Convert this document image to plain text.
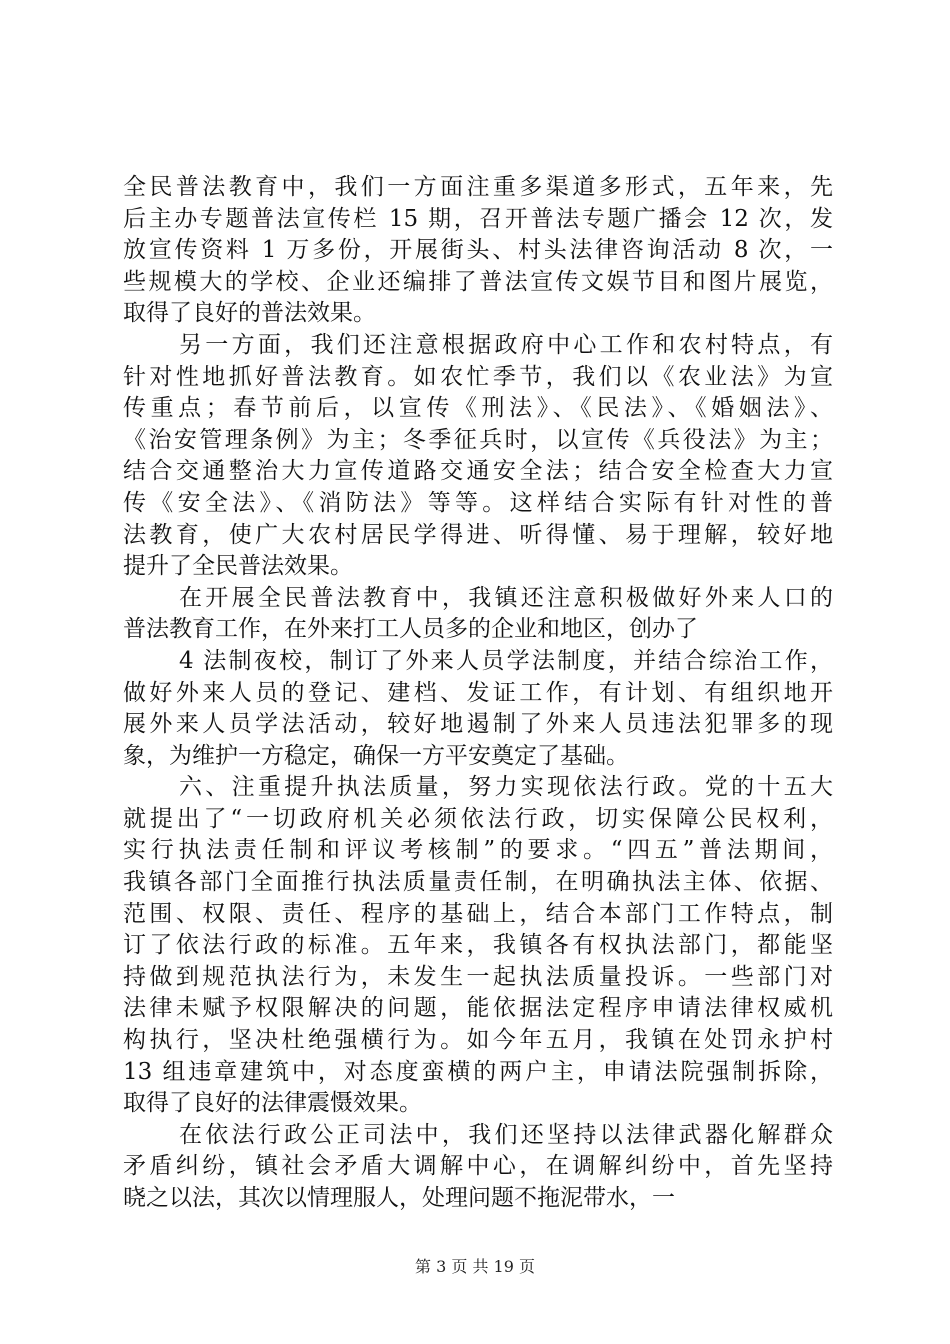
全民普法教育中，我们一方面注重多渠道多形式，五年来，先
后主办专题普法宣传栏 15 期，召开普法专题广播会 12 次，发
放宣传资料 1 万多份，开展街头、村头法律咨询活动 8 次，一
些规模大的学校、企业还编排了普法宣传文娱节目和图片展览，
取得了良好的普法效果。
另一方面，我们还注意根据政府中心工作和农村特点，有
针对性地抓好普法教育。如农忙季节，我们以《农业法》为宣
传重点；春节前后，以宣传《刑法》、《民法》、《婚姻法》、
《治安管理条例》为主；冬季征兵时，以宣传《兵役法》为主；
结合交通整治大力宣传道路交通安全法；结合安全检查大力宣
传《安全法》、《消防法》等等。这样结合实际有针对性的普
法教育，使广大农村居民学得进、听得懂、易于理解，较好地
提升了全民普法效果。
在开展全民普法教育中，我镇还注意积极做好外来人口的
普法教育工作，在外来打工人员多的企业和地区，创办了
4 法制夜校，制订了外来人员学法制度，并结合综治工作，
做好外来人员的登记、建档、发证工作，有计划、有组织地开
展外来人员学法活动，较好地遏制了外来人员违法犯罪多的现
象，为维护一方稳定，确保一方平安奠定了基础。
六、注重提升执法质量，努力实现依法行政。党的十五大
就提出了“一切政府机关必须依法行政，切实保障公民权利，
实行执法责任制和评议考核制”的要求。“四五”普法期间，
我镇各部门全面推行执法质量责任制，在明确执法主体、依据、
范围、权限、责任、程序的基础上，结合本部门工作特点，制
订了依法行政的标准。五年来，我镇各有权执法部门，都能坚
持做到规范执法行为，未发生一起执法质量投诉。一些部门对
法律未赋予权限解决的问题，能依据法定程序申请法律权威机
构执行，坚决杜绝强横行为。如今年五月，我镇在处罚永护村
13 组违章建筑中，对态度蛮横的两户主，申请法院强制拆除，
取得了良好的法律震慑效果。
在依法行政公正司法中，我们还坚持以法律武器化解群众
矛盾纠纷，镇社会矛盾大调解中心，在调解纠纷中，首先坚持
晓之以法，其次以情理服人，处理问题不拖泥带水，一
第 3 页 共 19 页
